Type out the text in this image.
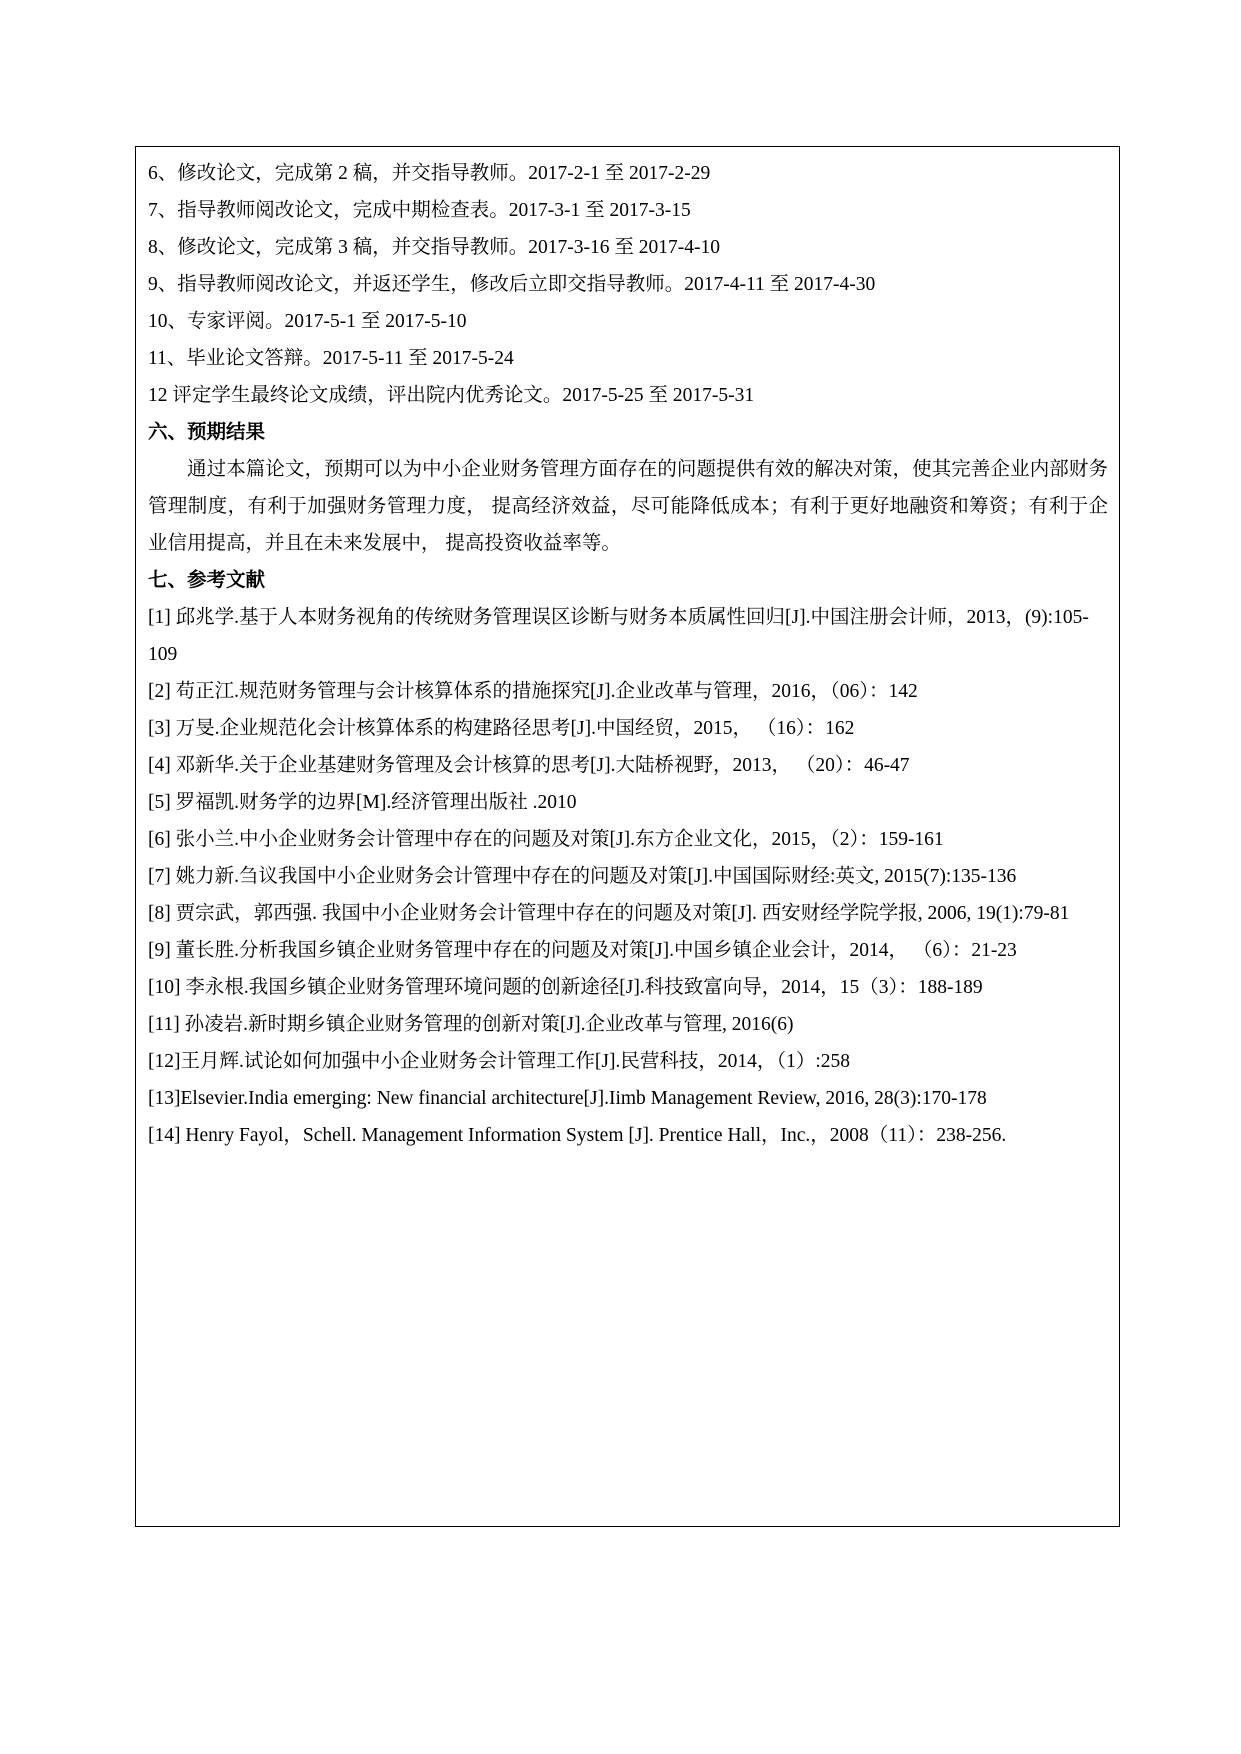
6、修改论文，完成第 2 稿，并交指导教师。2017-2-1 至 2017-2-29
7、指导教师阅改论文，完成中期检查表。2017-3-1 至 2017-3-15
8、修改论文，完成第 3 稿，并交指导教师。2017-3-16 至 2017-4-10
9、指导教师阅改论文，并返还学生，修改后立即交指导教师。2017-4-11 至 2017-4-30
10、专家评阅。2017-5-1 至 2017-5-10
11、毕业论文答辩。2017-5-11 至 2017-5-24
12 评定学生最终论文成绩，评出院内优秀论文。2017-5-25 至 2017-5-31
六、预期结果
通过本篇论文，预期可以为中小企业财务管理方面存在的问题提供有效的解决对策，使其完善企业内部财务管理制度，有利于加强财务管理力度， 提高经济效益，尽可能降低成本；有利于更好地融资和筹资；有利于企业信用提高，并且在未来发展中， 提高投资收益率等。
七、参考文献
[1] 邱兆学.基于人本财务视角的传统财务管理误区诊断与财务本质属性回归[J].中国注册会计师，2013，(9):105-109
[2] 苟正江.规范财务管理与会计核算体系的措施探究[J].企业改革与管理，2016，（06）：142
[3] 万旻.企业规范化会计核算体系的构建路径思考[J].中国经贸，2015， （16）：162
[4] 邓新华.关于企业基建财务管理及会计核算的思考[J].大陆桥视野，2013， （20）：46-47
[5] 罗福凯.财务学的边界[M].经济管理出版社 .2010
[6] 张小兰.中小企业财务会计管理中存在的问题及对策[J].东方企业文化，2015，（2）：159-161
[7] 姚力新.刍议我国中小企业财务会计管理中存在的问题及对策[J].中国国际财经:英文, 2015(7):135-136
[8] 贾宗武，郭西强. 我国中小企业财务会计管理中存在的问题及对策[J]. 西安财经学院学报, 2006, 19(1):79-81
[9] 董长胜.分析我国乡镇企业财务管理中存在的问题及对策[J].中国乡镇企业会计，2014， （6）：21-23
[10] 李永根.我国乡镇企业财务管理环境问题的创新途径[J].科技致富向导，2014，15（3）：188-189
[11] 孙凌岩.新时期乡镇企业财务管理的创新对策[J].企业改革与管理, 2016(6)
[12]王月辉.试论如何加强中小企业财务会计管理工作[J].民营科技，2014，（1）:258
[13]Elsevier.India emerging: New financial architecture[J].Iimb Management Review, 2016, 28(3):170-178
[14] Henry Fayol，Schell. Management Information System [J]. Prentice Hall，Inc.，2008（11）：238-256.
